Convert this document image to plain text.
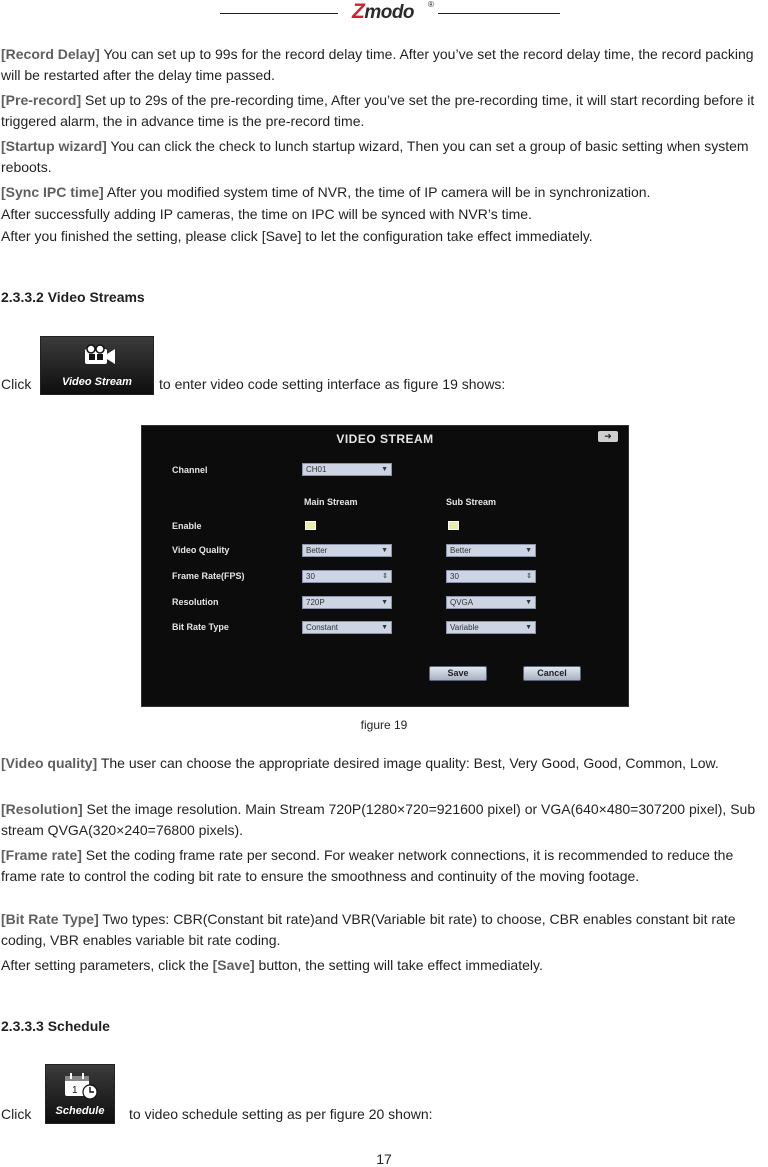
Zmodo ®

[Record Delay] You can set up to 99s for the record delay time. After you’ve set the record delay time, the record packing will be restarted after the delay time passed.

[Pre-record] Set up to 29s of the pre-recording time, After you’ve set the pre-recording time, it will start recording before it triggered alarm, the in advance time is the pre-record time.

[Startup wizard] You can click the check to lunch startup wizard, Then you can set a group of basic setting when system reboots.

[Sync IPC time] After you modified system time of NVR, the time of IP camera will be in synchronization.

After successfully adding IP cameras, the time on IPC will be synced with NVR’s time.

After you finished the setting, please click [Save] to let the configuration take effect immediately.

2.3.3.2 Video Streams
Click	Video Stream	to enter video code setting interface as figure 19 shows:
VIDEO STREAM	➜
Channel	CH01	▼
Main Stream	Sub Stream
Enable
Video Quality	Better	▼	Better	▼
Frame Rate(FPS)	30	⇕	30	⇕
Resolution	720P	▼	QVGA	▼
Bit Rate Type	Constant	▼	Variable	▼
Save	Cancel
figure 19

[Video quality] The user can choose the appropriate desired image quality: Best, Very Good, Good, Common, Low.

[Resolution] Set the image resolution. Main Stream 720P(1280×720=921600 pixel) or VGA(640×480=307200 pixel), Sub stream QVGA(320×240=76800 pixels).

[Frame rate] Set the coding frame rate per second. For weaker network connections, it is recommended to reduce the frame rate to control the coding bit rate to ensure the smoothness and continuity of the moving footage.

[Bit Rate Type] Two types: CBR(Constant bit rate)and VBR(Variable bit rate) to choose, CBR enables constant bit rate coding, VBR enables variable bit rate coding.

After setting parameters, click the [Save] button, the setting will take effect immediately.

2.3.3.3 Schedule
Click
1
Schedule	to video schedule setting as per figure 20 shown:
17
